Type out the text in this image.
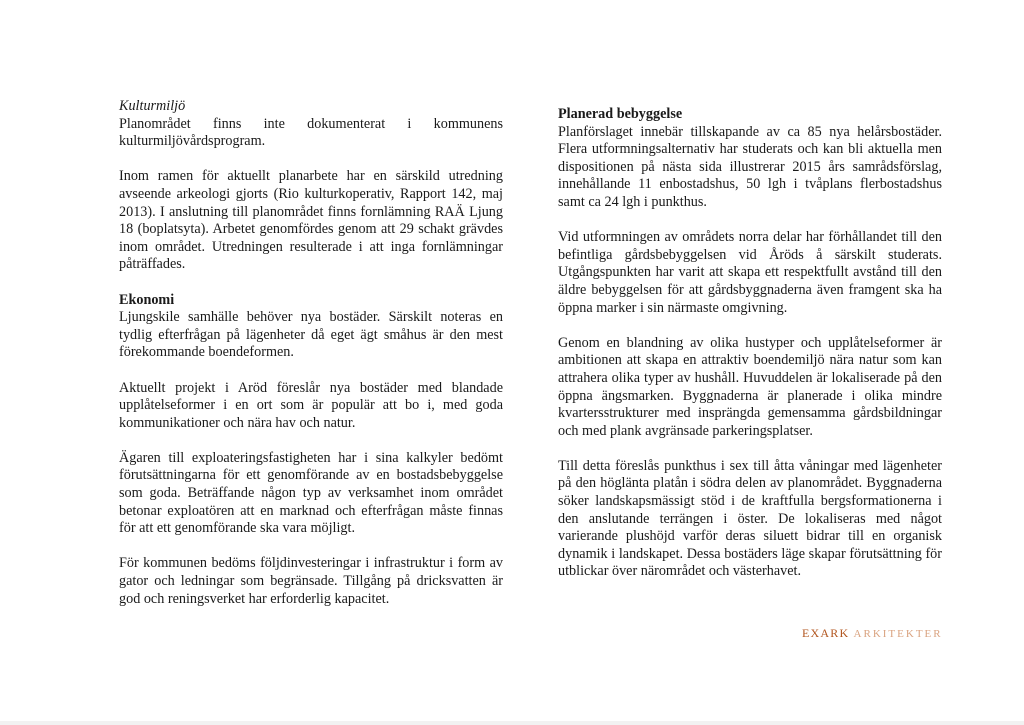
Kulturmiljö
Planområdet finns inte dokumenterat i kommunens kulturmiljövårdsprogram.

Inom ramen för aktuellt planarbete har en särskild utredning avseende arkeologi gjorts (Rio kulturkoperativ, Rapport 142, maj 2013). I anslutning till planområdet finns fornlämning RAÄ Ljung 18 (boplatsyta). Arbetet genomfördes genom att 29 schakt grävdes inom området. Utredningen resulterade i att inga fornlämningar påträffades.

Ekonomi
Ljungskile samhälle behöver nya bostäder. Särskilt noteras en tydlig efterfrågan på lägenheter då eget ägt småhus är den mest förekommande boendeformen.

Aktuellt projekt i Aröd föreslår nya bostäder med blandade upplåtelseformer i en ort som är populär att bo i, med goda kommunikationer och nära hav och natur.

Ägaren till exploateringsfastigheten har i sina kalkyler bedömt förutsättningarna för ett genomförande av en bostadsbebyggelse som goda. Beträffande någon typ av verksamhet inom området betonar exploatören att en marknad och efterfrågan måste finnas för att ett genomförande ska vara möjligt.

För kommunen bedöms följdinvesteringar i infrastruktur i form av gator och ledningar som begränsade. Tillgång på dricksvatten är god och reningsverket har erforderlig kapacitet.

Planerad bebyggelse
Planförslaget innebär tillskapande av ca 85 nya helårsbostäder. Flera utformningsalternativ har studerats och kan bli aktuella men dispositionen på nästa sida illustrerar 2015 års samrådsförslag, innehållande 11 enbostadshus, 50 lgh i tvåplans flerbostadshus samt ca 24 lgh i punkthus.

Vid utformningen av områdets norra delar har förhållandet till den befintliga gårdsbebyggelsen vid Åröds å särskilt studerats. Utgångspunkten har varit att skapa ett respektfullt avstånd till den äldre bebyggelsen för att gårdsbyggnaderna även framgent ska ha öppna marker i sin närmaste omgivning.

Genom en blandning av olika hustyper och upplåtelseformer är ambitionen att skapa en attraktiv boendemiljö nära natur som kan attrahera olika typer av hushåll. Huvuddelen är lokaliserade på den öppna ängsmarken. Byggnaderna är planerade i olika mindre kvartersstrukturer med insprängda gemensamma gårdsbildningar och med plank avgränsade parkeringsplatser.

Till detta föreslås punkthus i sex till åtta våningar med lägenheter på den höglänta platån i södra delen av planområdet. Byggnaderna söker landskapsmässigt stöd i de kraftfulla bergsformationerna i den anslutande terrängen i öster. De lokaliseras med något varierande plushöjd varför deras siluett bidrar till en organisk dynamik i landskapet. Dessa bostäders läge skapar förutsättning för utblickar över närområdet och västerhavet.

EXARK ARKITEKTER
